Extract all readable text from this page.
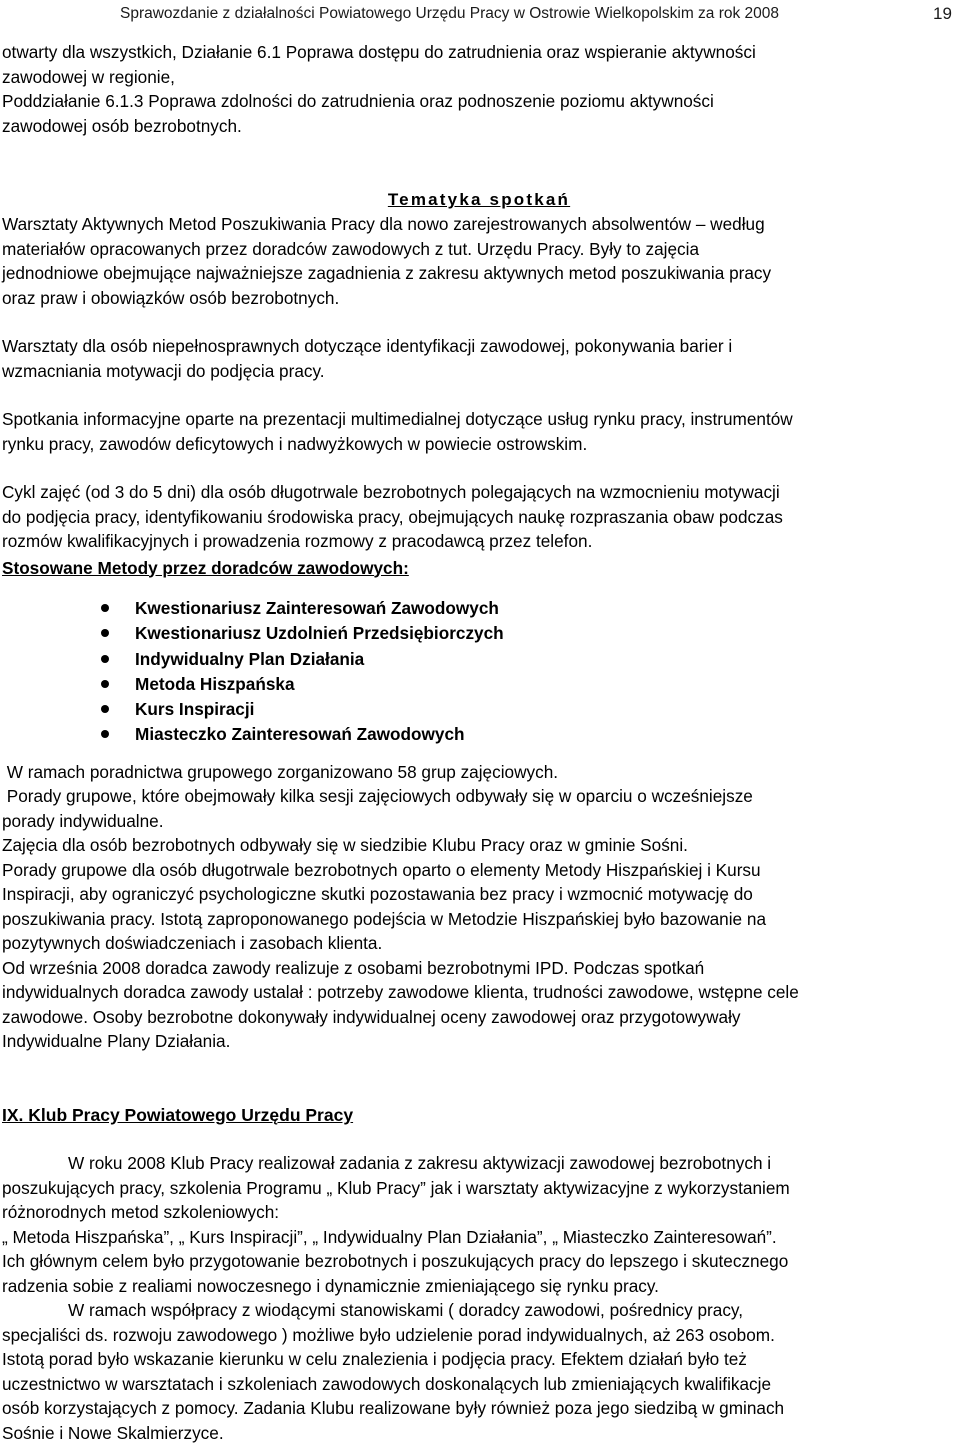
Sprawozdanie z działalności Powiatowego Urzędu Pracy w Ostrowie Wielkopolskim za rok 2008	19

otwarty dla wszystkich, Działanie 6.1 Poprawa dostępu do zatrudnienia oraz wspieranie aktywności

zawodowej w regionie,

Poddziałanie 6.1.3 Poprawa zdolności do zatrudnienia oraz podnoszenie poziomu aktywności

zawodowej osób bezrobotnych.

Tematyka spotkań

Warsztaty Aktywnych Metod Poszukiwania Pracy dla nowo zarejestrowanych absolwentów – według

materiałów opracowanych przez doradców zawodowych z tut. Urzędu Pracy. Były to zajęcia

jednodniowe obejmujące najważniejsze zagadnienia z zakresu aktywnych metod poszukiwania pracy

oraz praw i obowiązków osób bezrobotnych.

Warsztaty dla osób niepełnosprawnych dotyczące identyfikacji zawodowej, pokonywania barier i

wzmacniania motywacji do podjęcia pracy.

Spotkania informacyjne oparte na prezentacji multimedialnej dotyczące usług rynku pracy, instrumentów

rynku pracy, zawodów deficytowych i nadwyżkowych w powiecie ostrowskim.

Cykl zajęć (od 3 do 5 dni) dla osób długotrwale bezrobotnych polegających na wzmocnieniu motywacji

do podjęcia pracy, identyfikowaniu środowiska pracy, obejmujących naukę rozpraszania obaw podczas

rozmów kwalifikacyjnych i prowadzenia rozmowy z pracodawcą przez telefon.

Stosowane Metody przez doradców zawodowych:

Kwestionariusz Zainteresowań Zawodowych
Kwestionariusz Uzdolnień Przedsiębiorczych
Indywidualny Plan Działania
Metoda Hiszpańska
Kurs Inspiracji
Miasteczko Zainteresowań Zawodowych

W ramach poradnictwa grupowego zorganizowano 58 grup zajęciowych.

Porady grupowe, które obejmowały kilka sesji zajęciowych odbywały się w oparciu o wcześniejsze

porady indywidualne.

Zajęcia dla osób bezrobotnych odbywały się w siedzibie Klubu Pracy oraz w gminie Sośni.

Porady grupowe dla osób długotrwale bezrobotnych oparto o elementy Metody Hiszpańskiej i Kursu

Inspiracji, aby ograniczyć psychologiczne skutki pozostawania bez pracy i wzmocnić motywację do

poszukiwania pracy. Istotą zaproponowanego podejścia w Metodzie Hiszpańskiej było bazowanie na

pozytywnych doświadczeniach i zasobach klienta.

Od września 2008 doradca zawody realizuje z osobami bezrobotnymi IPD. Podczas spotkań

indywidualnych doradca zawody ustalał : potrzeby zawodowe klienta, trudności zawodowe, wstępne cele

zawodowe. Osoby bezrobotne dokonywały indywidualnej oceny zawodowej oraz przygotowywały

Indywidualne Plany Działania.

IX. Klub Pracy Powiatowego Urzędu Pracy

W roku 2008 Klub Pracy realizował zadania z zakresu aktywizacji zawodowej bezrobotnych i

poszukujących pracy, szkolenia Programu „ Klub Pracy” jak i warsztaty aktywizacyjne z wykorzystaniem

różnorodnych metod szkoleniowych:

„ Metoda Hiszpańska”, „ Kurs Inspiracji”, „ Indywidualny Plan Działania”, „ Miasteczko Zainteresowań”.

Ich głównym celem było przygotowanie bezrobotnych i poszukujących pracy do lepszego i skutecznego

radzenia sobie z realiami nowoczesnego i dynamicznie zmieniającego się rynku pracy.

W ramach współpracy z wiodącymi stanowiskami ( doradcy zawodowi, pośrednicy pracy,

specjaliści ds. rozwoju zawodowego ) możliwe było udzielenie porad indywidualnych, aż 263 osobom.

Istotą porad było wskazanie kierunku w celu znalezienia i podjęcia pracy. Efektem działań było też

uczestnictwo w warsztatach i szkoleniach zawodowych doskonalących lub zmieniających kwalifikacje

osób korzystających z pomocy. Zadania Klubu realizowane były również poza jego siedzibą w gminach

Sośnie i Nowe Skalmierzyce.
